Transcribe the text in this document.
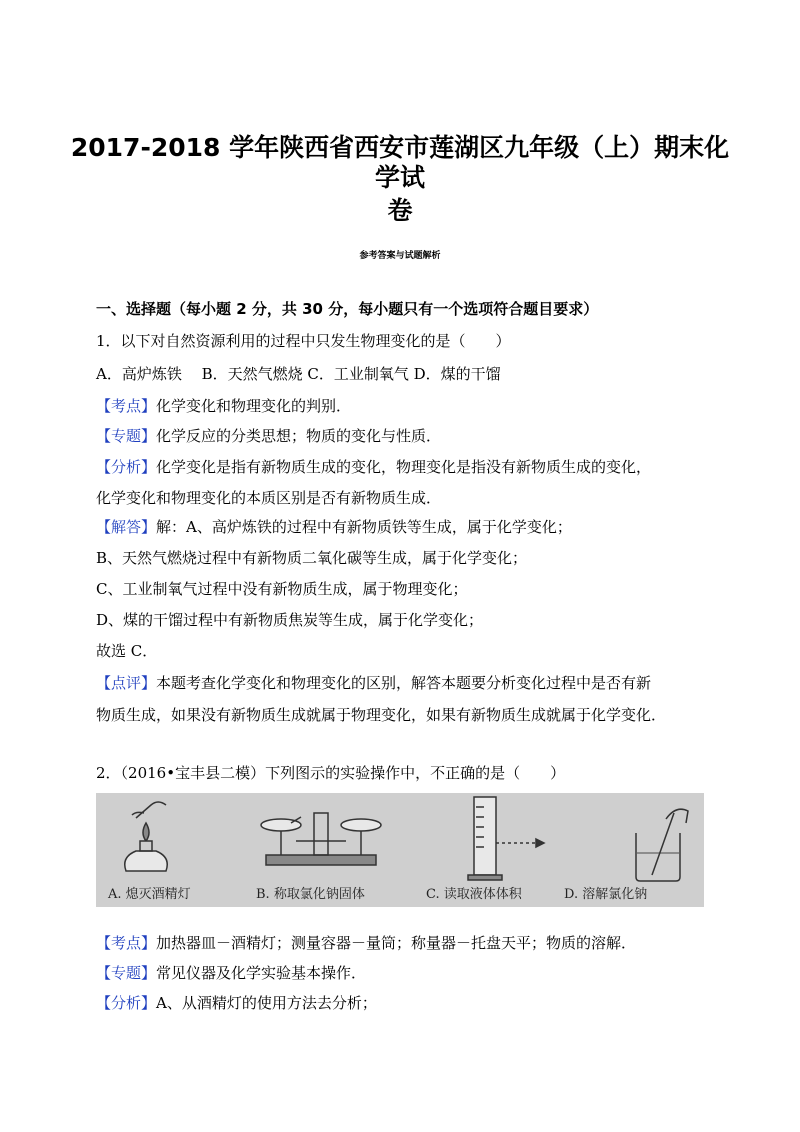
2017-2018 学年陕西省西安市莲湖区九年级（上）期末化学试
卷
参考答案与试题解析
一、选择题（每小题 2 分，共 30 分，每小题只有一个选项符合题目要求）
1．以下对自然资源利用的过程中只发生物理变化的是（　　）
A．高炉炼铁　 B．天然气燃烧 C．工业制氧气 D．煤的干馏
【考点】化学变化和物理变化的判别．
【专题】化学反应的分类思想；物质的变化与性质．
【分析】化学变化是指有新物质生成的变化，物理变化是指没有新物质生成的变化，
化学变化和物理变化的本质区别是否有新物质生成．
【解答】解：A、高炉炼铁的过程中有新物质铁等生成，属于化学变化；
B、天然气燃烧过程中有新物质二氧化碳等生成，属于化学变化；
C、工业制氧气过程中没有新物质生成，属于物理变化；
D、煤的干馏过程中有新物质焦炭等生成，属于化学变化；
故选 C．
【点评】本题考查化学变化和物理变化的区别，解答本题要分析变化过程中是否有新
物质生成，如果没有新物质生成就属于物理变化，如果有新物质生成就属于化学变化．
2．（2016•宝丰县二模）下列图示的实验操作中，不正确的是（　　）
A. 熄灭酒精灯	B. 称取氯化钠固体	C. 读取液体体积	D. 溶解氯化钠
【考点】加热器皿－酒精灯；测量容器－量筒；称量器－托盘天平；物质的溶解．
【专题】常见仪器及化学实验基本操作．
【分析】A、从酒精灯的使用方法去分析；
